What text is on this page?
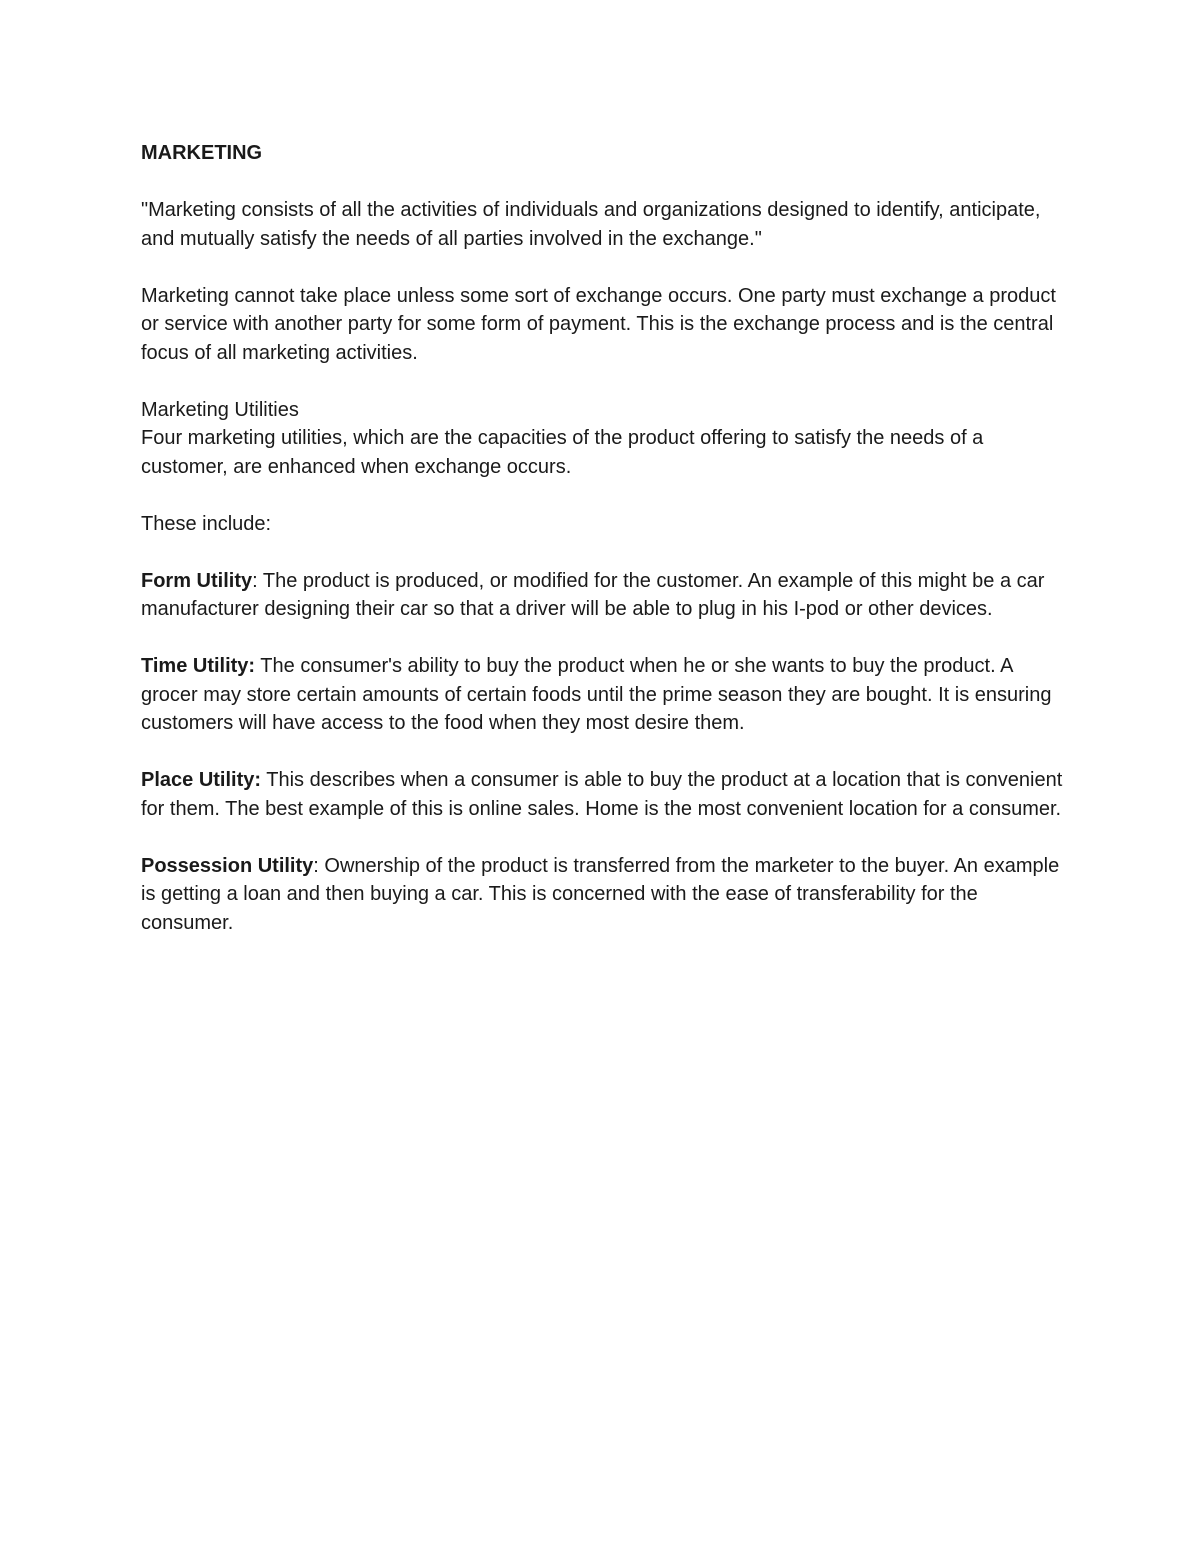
MARKETING

"Marketing consists of all the activities of individuals and organizations designed to identify, anticipate, and mutually satisfy the needs of all parties involved in the exchange."

Marketing cannot take place unless some sort of exchange occurs. One party must exchange a product or service with another party for some form of payment. This is the exchange process and is the central focus of all marketing activities.

Marketing Utilities
Four marketing utilities, which are the capacities of the product offering to satisfy the needs of a customer, are enhanced when exchange occurs.

These include:

Form Utility: The product is produced, or modified for the customer. An example of this might be a car manufacturer designing their car so that a driver will be able to plug in his I-pod or other devices.

Time Utility: The consumer's ability to buy the product when he or she wants to buy the product. A grocer may store certain amounts of certain foods until the prime season they are bought. It is ensuring customers will have access to the food when they most desire them.

Place Utility: This describes when a consumer is able to buy the product at a location that is convenient for them. The best example of this is online sales. Home is the most convenient location for a consumer.

Possession Utility: Ownership of the product is transferred from the marketer to the buyer. An example is getting a loan and then buying a car. This is concerned with the ease of transferability for the consumer.
